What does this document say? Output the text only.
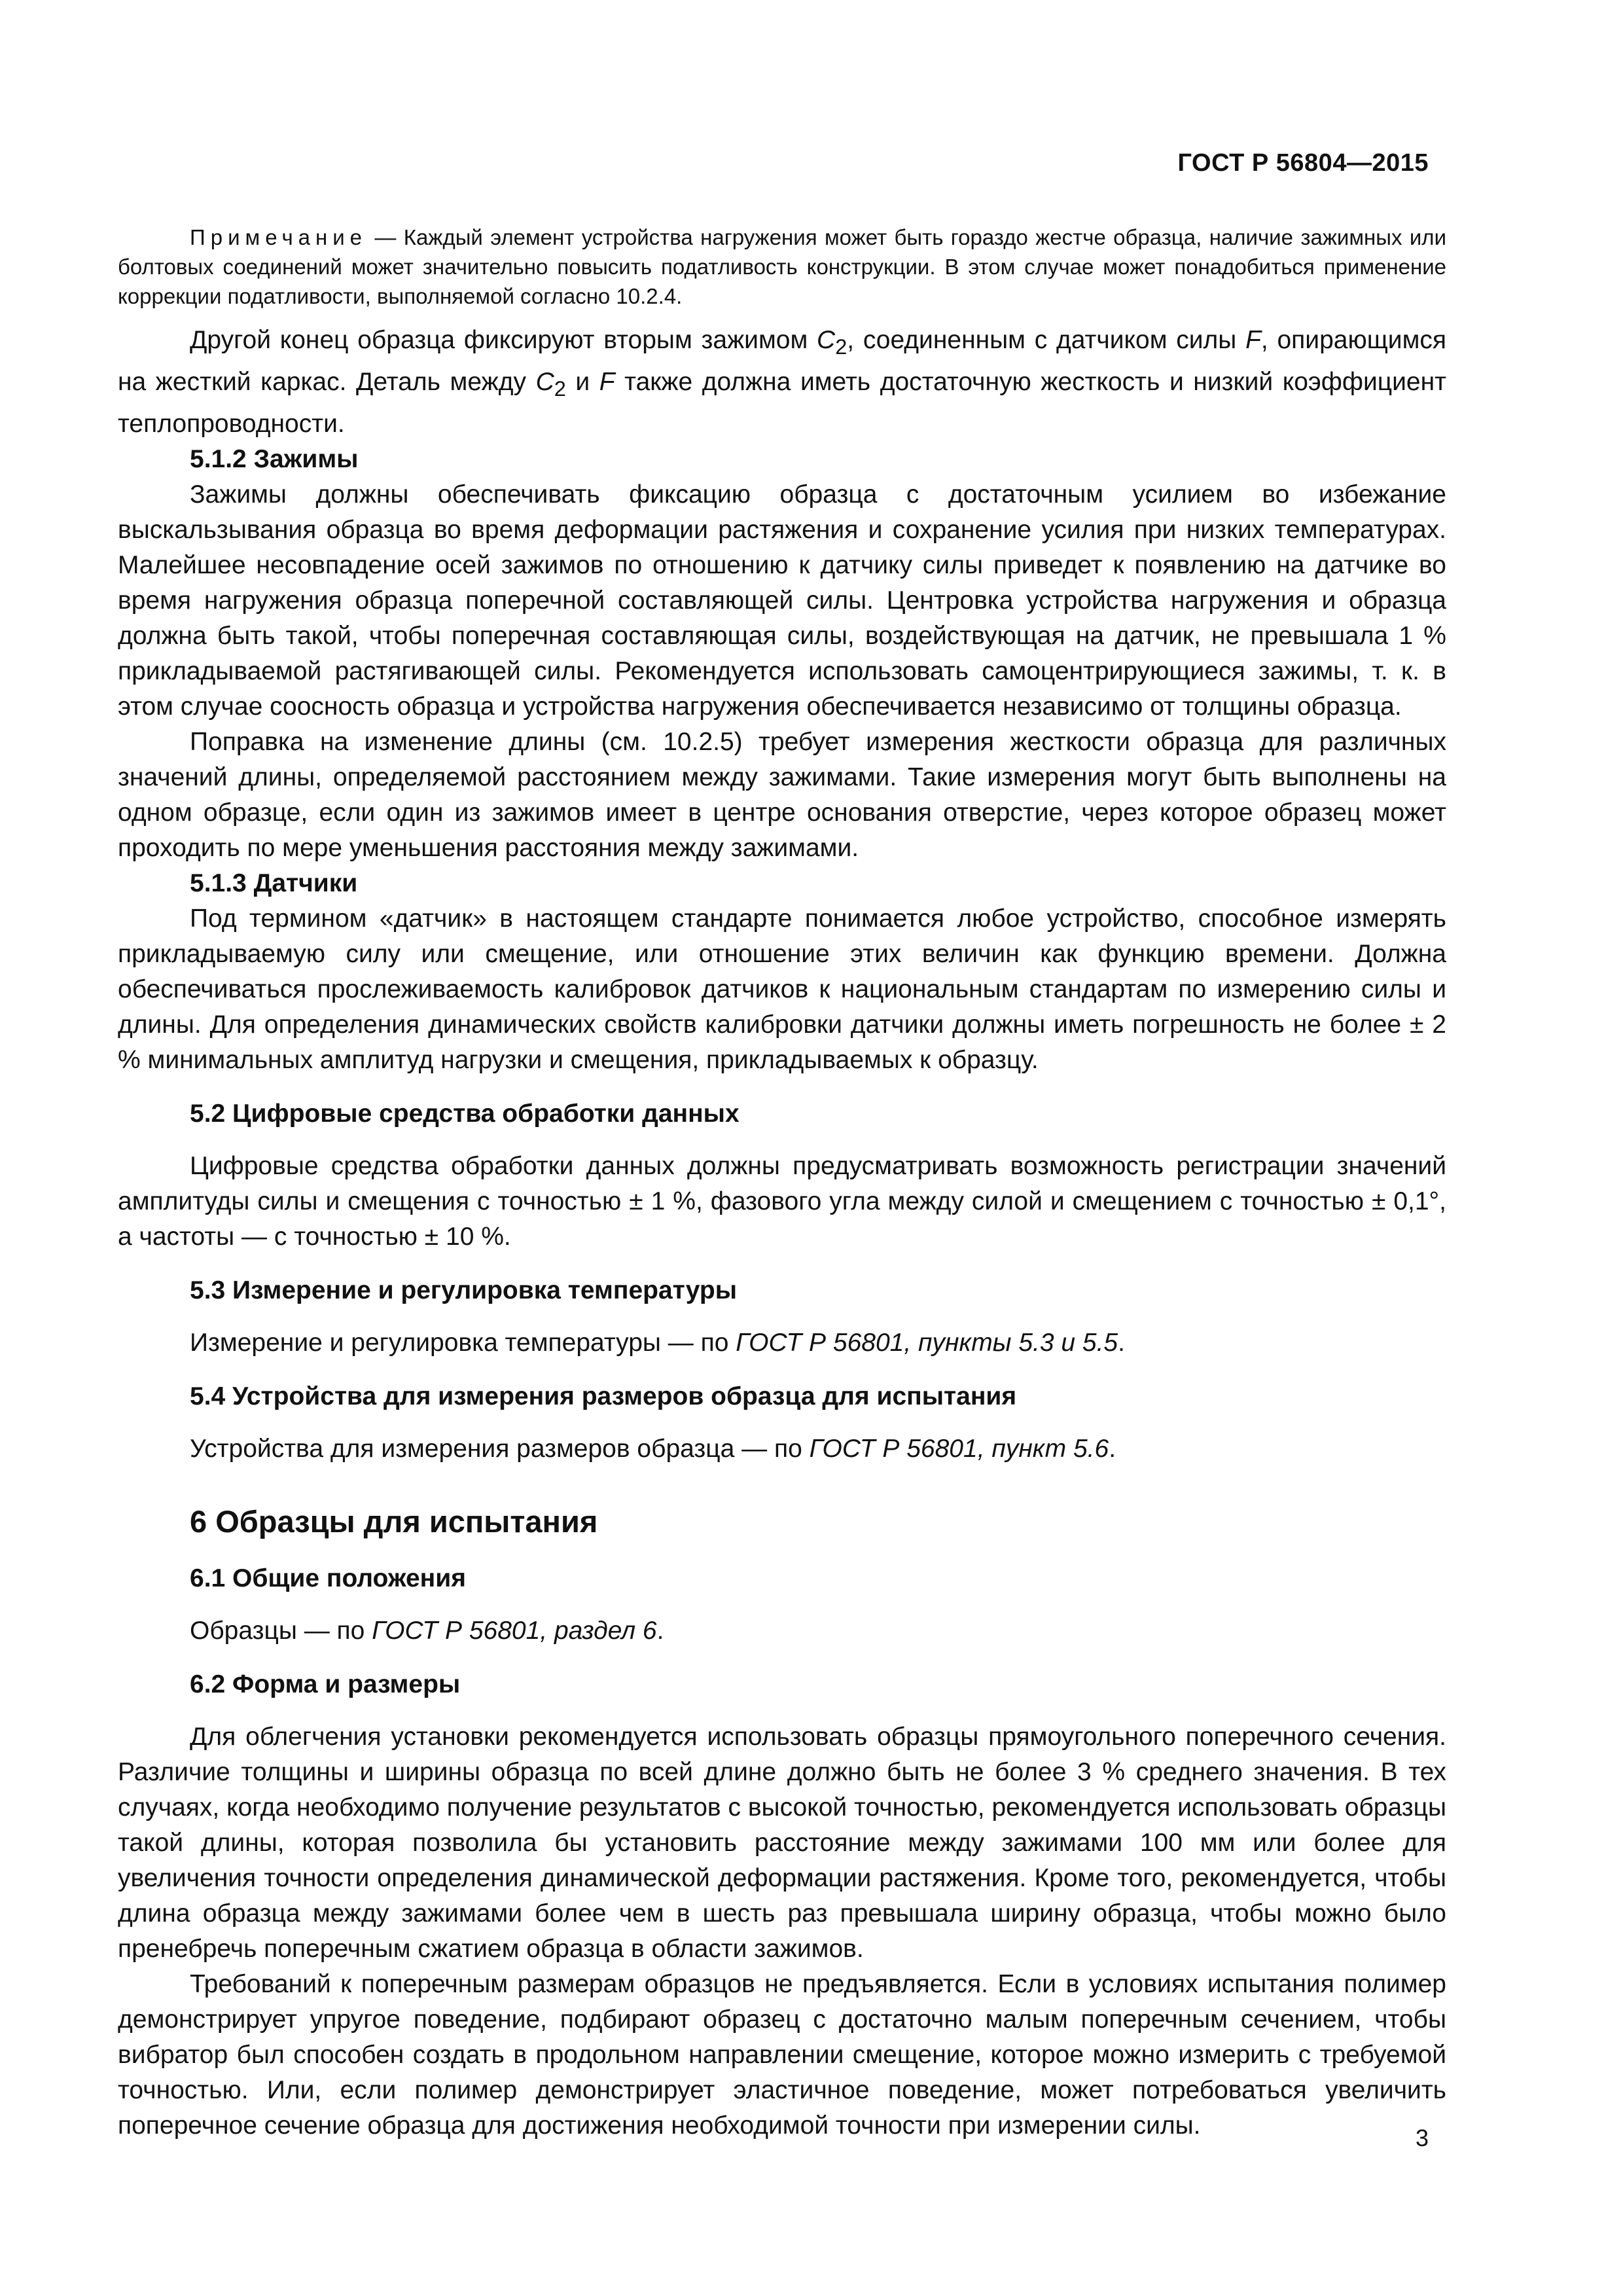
ГОСТ Р 56804—2015

Примечание — Каждый элемент устройства нагружения может быть гораздо жестче образца, наличие зажимных или болтовых соединений может значительно повысить податливость конструкции. В этом случае может понадобиться применение коррекции податливости, выполняемой согласно 10.2.4.

Другой конец образца фиксируют вторым зажимом $C_2$, соединенным с датчиком силы F, опирающимся на жесткий каркас. Деталь между $C_2$ и F также должна иметь достаточную жесткость и низкий коэффициент теплопроводности.

5.1.2 Зажимы

Зажимы должны обеспечивать фиксацию образца с достаточным усилием во избежание выскальзывания образца во время деформации растяжения и сохранение усилия при низких температурах. Малейшее несовпадение осей зажимов по отношению к датчику силы приведет к появлению на датчике во время нагружения образца поперечной составляющей силы. Центровка устройства нагружения и образца должна быть такой, чтобы поперечная составляющая силы, воздействующая на датчик, не превышала 1 % прикладываемой растягивающей силы. Рекомендуется использовать самоцентрирующиеся зажимы, т. к. в этом случае соосность образца и устройства нагружения обеспечивается независимо от толщины образца.

Поправка на изменение длины (см. 10.2.5) требует измерения жесткости образца для различных значений длины, определяемой расстоянием между зажимами. Такие измерения могут быть выполнены на одном образце, если один из зажимов имеет в центре основания отверстие, через которое образец может проходить по мере уменьшения расстояния между зажимами.

5.1.3 Датчики

Под термином «датчик» в настоящем стандарте понимается любое устройство, способное измерять прикладываемую силу или смещение, или отношение этих величин как функцию времени. Должна обеспечиваться прослеживаемость калибровок датчиков к национальным стандартам по измерению силы и длины. Для определения динамических свойств калибровки датчики должны иметь погрешность не более ± 2 % минимальных амплитуд нагрузки и смещения, прикладываемых к образцу.

5.2 Цифровые средства обработки данных

Цифровые средства обработки данных должны предусматривать возможность регистрации значений амплитуды силы и смещения с точностью ± 1 %, фазового угла между силой и смещением с точностью ± 0,1°, а частоты — с точностью ± 10 %.

5.3 Измерение и регулировка температуры

Измерение и регулировка температуры — по ГОСТ Р 56801, пункты 5.3 и 5.5.

5.4 Устройства для измерения размеров образца для испытания

Устройства для измерения размеров образца — по ГОСТ Р 56801, пункт 5.6.

6 Образцы для испытания

6.1 Общие положения

Образцы — по ГОСТ Р 56801, раздел 6.

6.2 Форма и размеры

Для облегчения установки рекомендуется использовать образцы прямоугольного поперечного сечения. Различие толщины и ширины образца по всей длине должно быть не более 3 % среднего значения. В тех случаях, когда необходимо получение результатов с высокой точностью, рекомендуется использовать образцы такой длины, которая позволила бы установить расстояние между зажимами 100 мм или более для увеличения точности определения динамической деформации растяжения. Кроме того, рекомендуется, чтобы длина образца между зажимами более чем в шесть раз превышала ширину образца, чтобы можно было пренебречь поперечным сжатием образца в области зажимов.

Требований к поперечным размерам образцов не предъявляется. Если в условиях испытания полимер демонстрирует упругое поведение, подбирают образец с достаточно малым поперечным сечением, чтобы вибратор был способен создать в продольном направлении смещение, которое можно измерить с требуемой точностью. Или, если полимер демонстрирует эластичное поведение, может потребоваться увеличить поперечное сечение образца для достижения необходимой точности при измерении силы.	3
